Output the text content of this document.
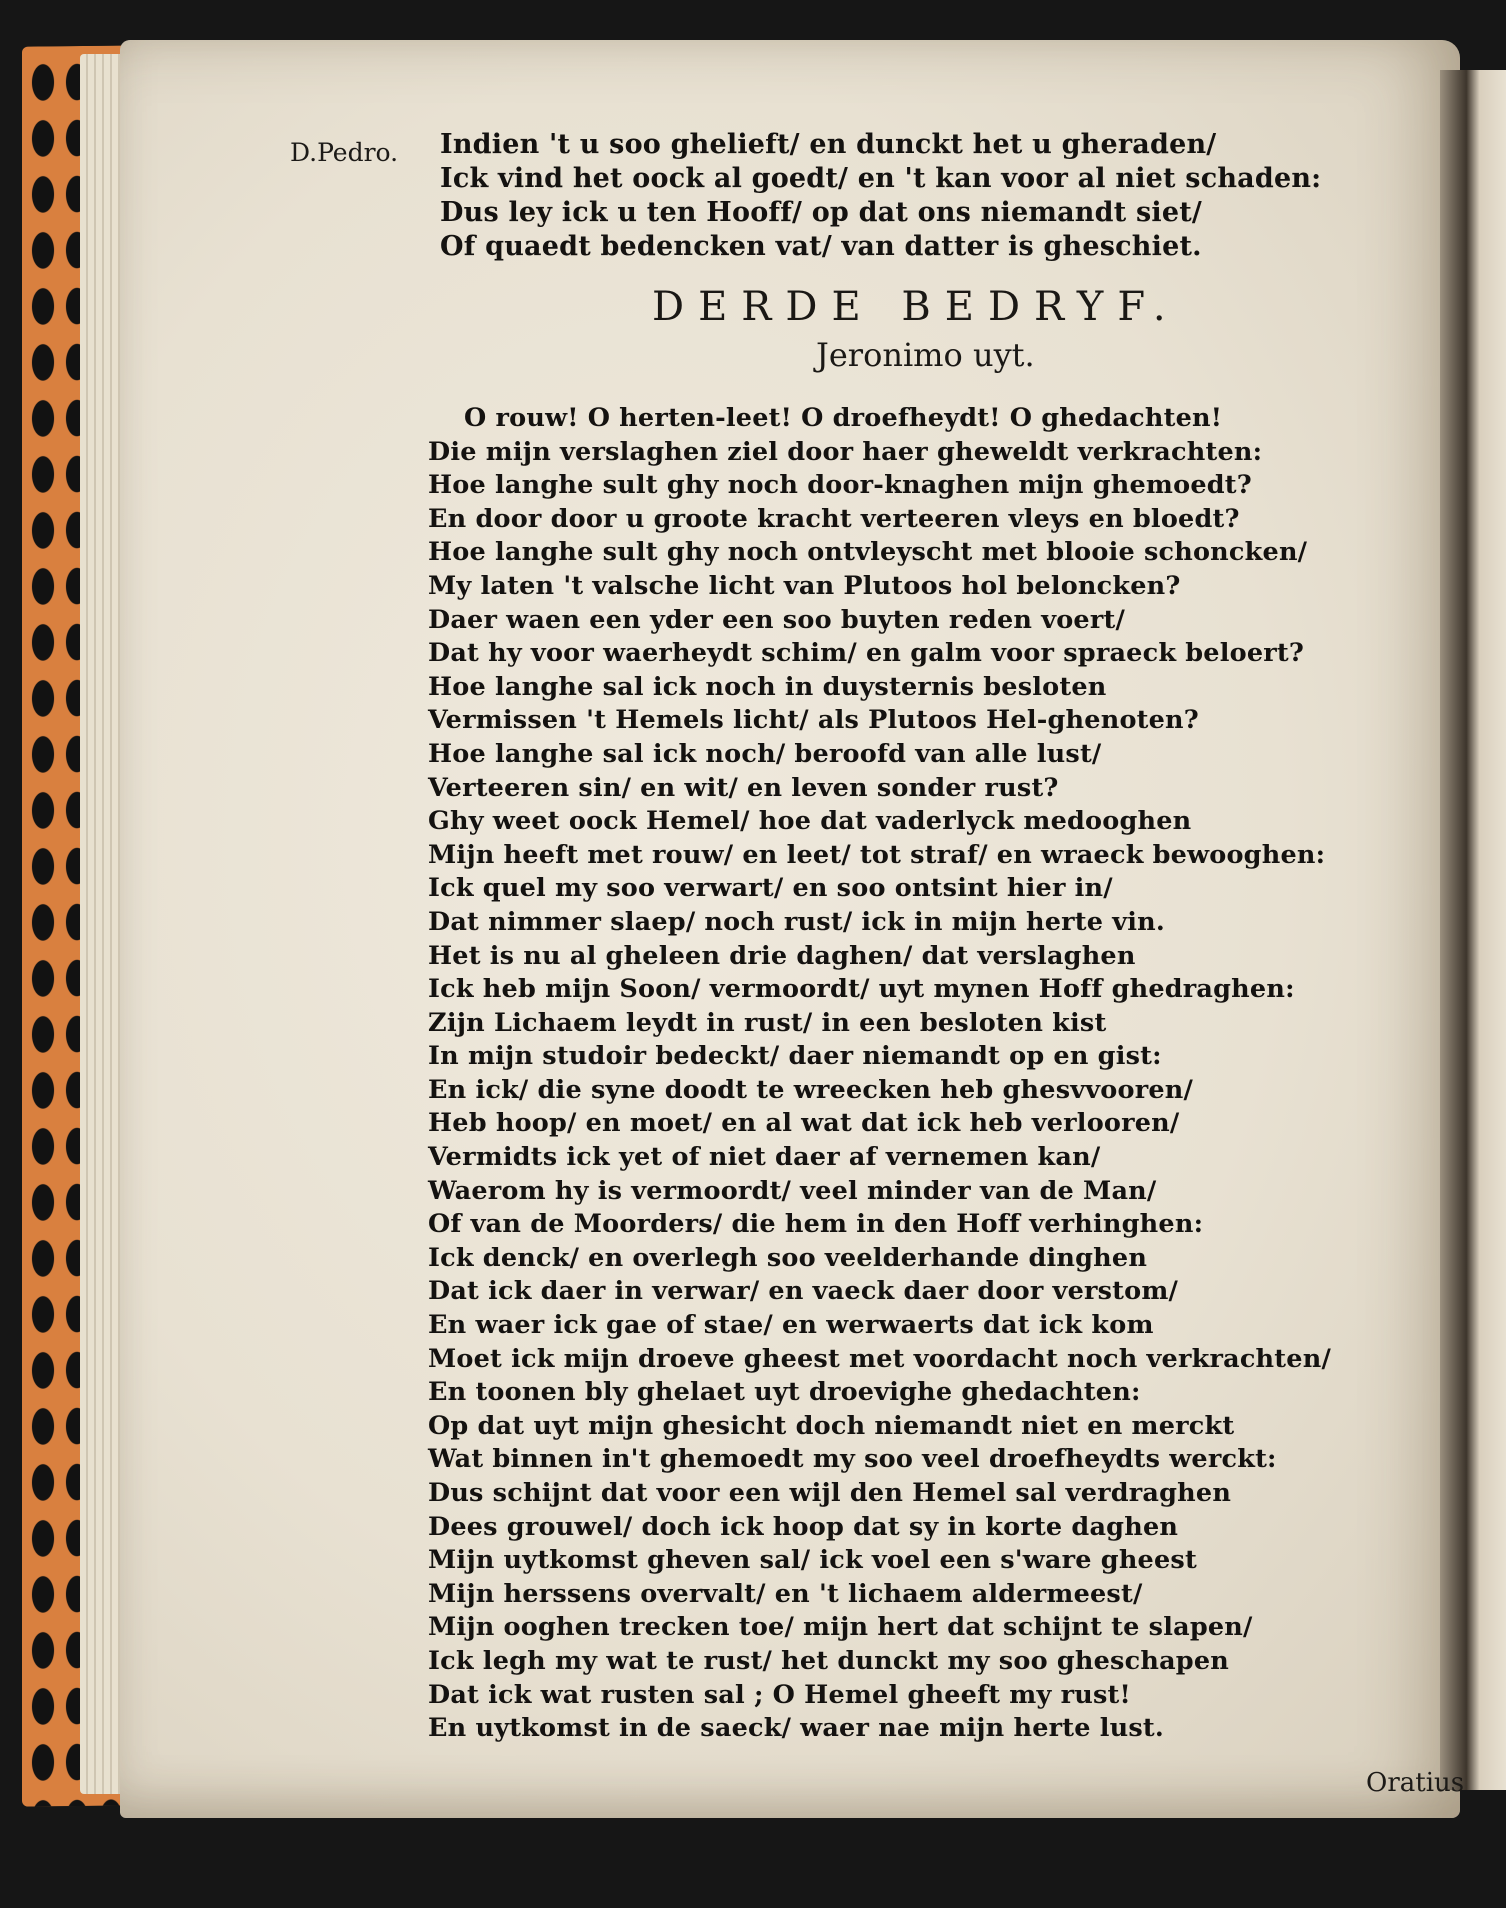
D.Pedro. Indien 't u soo ghelieft/ en dunckt het u gheraden/
Ick vind het oock al goedt/ en 't kan voor al niet schaden:
Dus ley ick u ten Hooff/ op dat ons niemandt siet/
Of quaedt bedencken vat/ van datter is gheschiet.
DERDE BEDRYF.
Jeronimo uyt.
O rouw! O herten-leet! O droefheydt! O ghedachten!
Die mijn verslaghen ziel door haer gheweldt verkrachten:
Hoe langhe sult ghy noch door-knaghen mijn ghemoedt?
En door door u groote kracht verteeren vleys en bloedt?
Hoe langhe sult ghy noch ontvleyscht met blooie schoncken/
My laten 't valsche licht van Plutoos hol beloncken?
Daer waen een yder een soo buyten reden voert/
Dat hy voor waerheydt schim/ en galm voor spraeck beloert?
Hoe langhe sal ick noch in duysternis besloten
Vermissen 't Hemels licht/ als Plutoos Hel-ghenoten?
Hoe langhe sal ick noch/ beroofd van alle lust/
Verteeren sin/ en wit/ en leven sonder rust?
Ghy weet oock Hemel/ hoe dat vaderlyck medooghen
Mijn heeft met rouw/ en leet/ tot straf/ en wraeck bewooghen:
Ick quel my soo verwart/ en soo ontsint hier in/
Dat nimmer slaep/ noch rust/ ick in mijn herte vin.
Het is nu al gheleen drie daghen/ dat verslaghen
Ick heb mijn Soon/ vermoordt/ uyt mynen Hoff ghedraghen:
Zijn Lichaem leydt in rust/ in een besloten kist
In mijn studoir bedeckt/ daer niemandt op en gist:
En ick/ die syne doodt te wreecken heb ghesvvooren/
Heb hoop/ en moet/ en al wat dat ick heb verlooren/
Vermidts ick yet of niet daer af vernemen kan/
Waerom hy is vermoordt/ veel minder van de Man/
Of van de Moorders/ die hem in den Hoff verhinghen:
Ick denck/ en overlegh soo veelderhande dinghen
Dat ick daer in verwar/ en vaeck daer door verstom/
En waer ick gae of stae/ en werwaerts dat ick kom
Moet ick mijn droeve gheest met voordacht noch verkrachten/
En toonen bly ghelaet uyt droevighe ghedachten:
Op dat uyt mijn ghesicht doch niemandt niet en merckt
Wat binnen in't ghemoedt my soo veel droefheydts werckt:
Dus schijnt dat voor een wijl den Hemel sal verdraghen
Dees grouwel/ doch ick hoop dat sy in korte daghen
Mijn uytkomst gheven sal/ ick voel een s'ware gheest
Mijn herssens overvalt/ en 't lichaem aldermeest/
Mijn ooghen trecken toe/ mijn hert dat schijnt te slapen/
Ick legh my wat te rust/ het dunckt my soo gheschapen
Dat ick wat rusten sal ; O Hemel gheeft my rust!
En uytkomst in de saeck/ waer nae mijn herte lust.
Oratius
